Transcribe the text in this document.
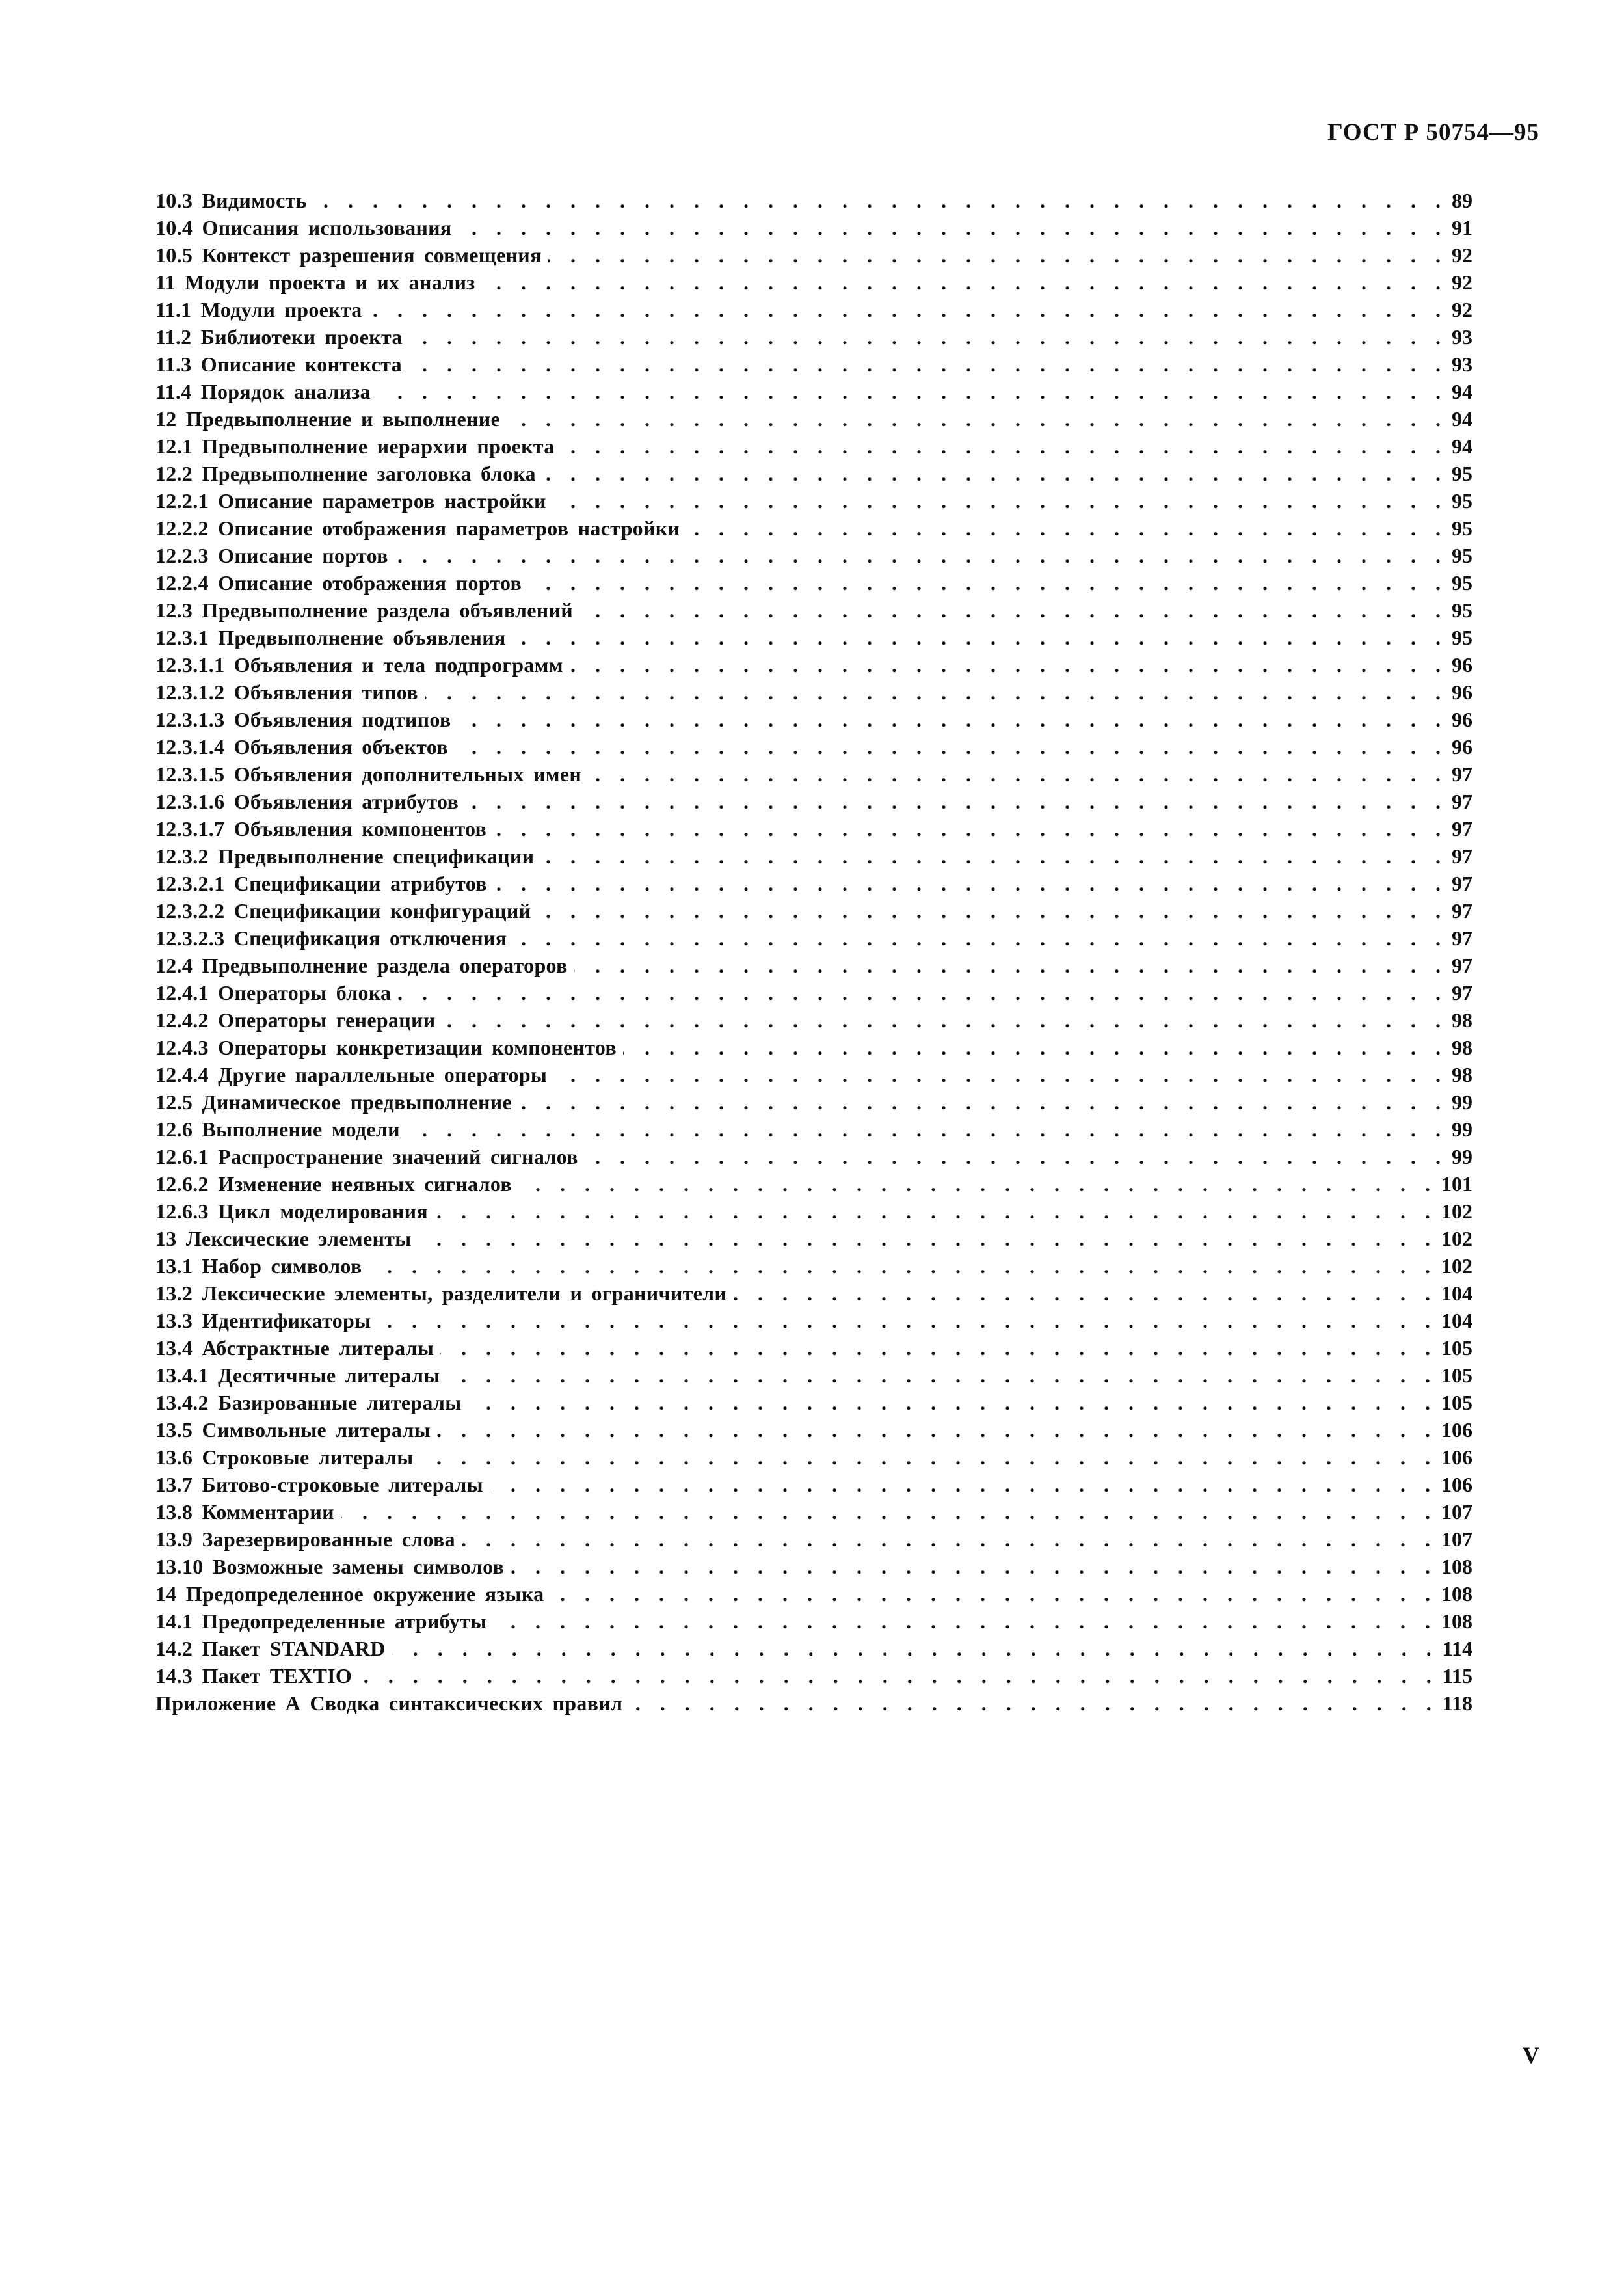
ГОСТ Р 50754—95
10.3 Видимость . . .	89
10.4 Описания использования . . .	91
10.5 Контекст разрешения совмещения . . .	92
11 Модули проекта и их анализ . . .	92
11.1 Модули проекта . . .	92
11.2 Библиотеки проекта . . .	93
11.3 Описание контекста . . .	93
11.4 Порядок анализа . . .	94
12 Предвыполнение и выполнение . . .	94
12.1 Предвыполнение иерархии проекта . . .	94
12.2 Предвыполнение заголовка блока . . .	95
12.2.1 Описание параметров настройки . . .	95
12.2.2 Описание отображения параметров настройки . . .	95
12.2.3 Описание портов . . .	95
12.2.4 Описание отображения портов . . .	95
12.3 Предвыполнение раздела объявлений . . .	95
12.3.1 Предвыполнение объявления . . .	95
12.3.1.1 Объявления и тела подпрограмм . . .	96
12.3.1.2 Объявления типов . . .	96
12.3.1.3 Объявления подтипов . . .	96
12.3.1.4 Объявления объектов . . .	96
12.3.1.5 Объявления дополнительных имен . . .	97
12.3.1.6 Объявления атрибутов . . .	97
12.3.1.7 Объявления компонентов . . .	97
12.3.2 Предвыполнение спецификации . . .	97
12.3.2.1 Спецификации атрибутов . . .	97
12.3.2.2 Спецификации конфигураций . . .	97
12.3.2.3 Спецификация отключения . . .	97
12.4 Предвыполнение раздела операторов . . .	97
12.4.1 Операторы блока . . .	97
12.4.2 Операторы генерации . . .	98
12.4.3 Операторы конкретизации компонентов . . .	98
12.4.4 Другие параллельные операторы . . .	98
12.5 Динамическое предвыполнение . . .	99
12.6 Выполнение модели . . .	99
12.6.1 Распространение значений сигналов . . .	99
12.6.2 Изменение неявных сигналов . . .	101
12.6.3 Цикл моделирования . . .	102
13 Лексические элементы . . .	102
13.1 Набор символов . . .	102
13.2 Лексические элементы, разделители и ограничители . . .	104
13.3 Идентификаторы . . .	104
13.4 Абстрактные литералы . . .	105
13.4.1 Десятичные литералы . . .	105
13.4.2 Базированные литералы . . .	105
13.5 Символьные литералы . . .	106
13.6 Строковые литералы . . .	106
13.7 Битово-строковые литералы . . .	106
13.8 Комментарии . . .	107
13.9 Зарезервированные слова . . .	107
13.10 Возможные замены символов . . .	108
14 Предопределенное окружение языка . . .	108
14.1 Предопределенные атрибуты . . .	108
14.2 Пакет STANDARD . . .	114
14.3 Пакет TEXTIO . . .	115
Приложение А Сводка синтаксических правил . . .	118
V
